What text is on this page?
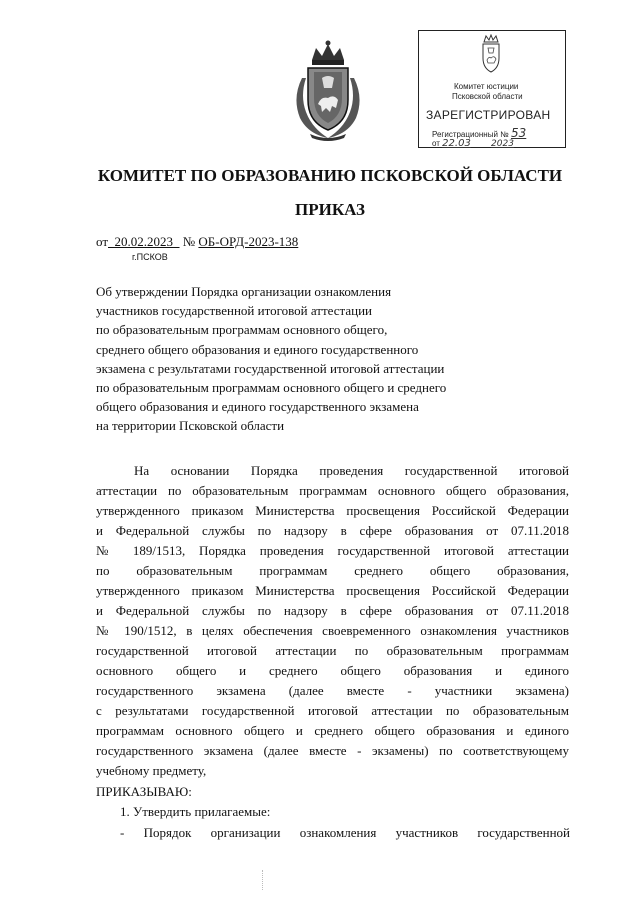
Комитет юстиции
Псковской области
ЗАРЕГИСТРИРОВАН
Регистрационный № 53
от 22.03 2023
КОМИТЕТ ПО ОБРАЗОВАНИЮ ПСКОВСКОЙ ОБЛАСТИ
ПРИКАЗ
от 20.02.2023 № ОБ-ОРД-2023-138
г.ПСКОВ
Об утверждении Порядка организации ознакомления
участников государственной итоговой аттестации
по образовательным программам основного общего,
среднего общего образования и единого государственного
экзамена с результатами государственной итоговой аттестации
по образовательным программам основного общего и среднего
общего образования и единого государственного экзамена
на территории Псковской области
На основании Порядка проведения государственной итоговой
аттестации по образовательным программам основного общего образования,
утвержденного приказом Министерства просвещения Российской Федерации
и Федеральной службы по надзору в сфере образования от 07.11.2018
№ 189/1513, Порядка проведения государственной итоговой аттестации
по образовательным программам среднего общего образования,
утвержденного приказом Министерства просвещения Российской Федерации
и Федеральной службы по надзору в сфере образования от 07.11.2018
№ 190/1512, в целях обеспечения своевременного ознакомления участников
государственной итоговой аттестации по образовательным программам
основного общего и среднего общего образования и единого
государственного экзамена (далее вместе - участники экзамена)
с результатами государственной итоговой аттестации по образовательным
программам основного общего и среднего общего образования и единого
государственного экзамена (далее вместе - экзамены) по соответствующему
учебному предмету,
ПРИКАЗЫВАЮ:
1. Утвердить прилагаемые:
- Порядок организации ознакомления участников государственной
